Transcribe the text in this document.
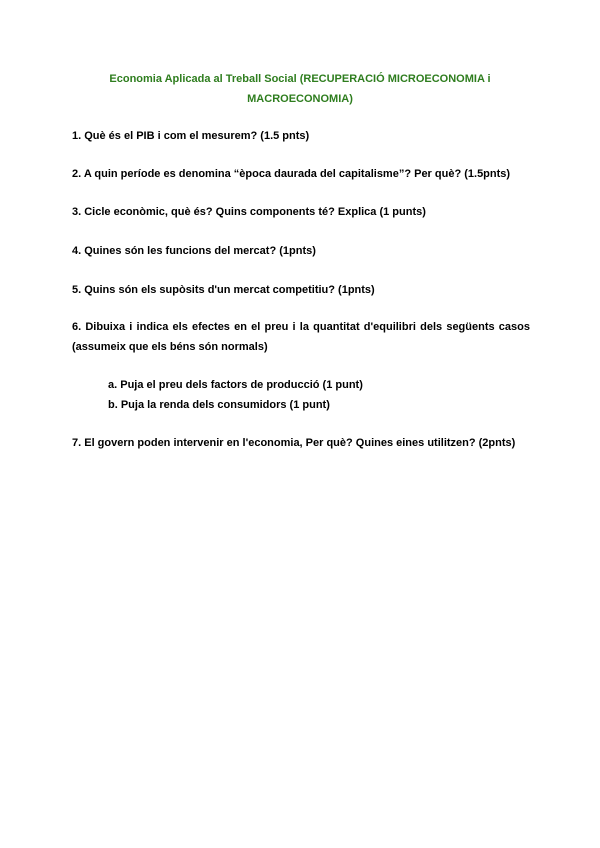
Economia Aplicada al Treball Social (RECUPERACIÓ MICROECONOMIA i MACROECONOMIA)
1. Què és el PIB i com el mesurem? (1.5 pnts)
2. A quin període es denomina “època daurada del capitalisme”? Per què? (1.5pnts)
3. Cicle econòmic, què és? Quins components té? Explica (1 punts)
4. Quines són les funcions del mercat? (1pnts)
5. Quins són els supòsits d'un mercat competitiu? (1pnts)
6. Dibuixa i indica els efectes en el preu i la quantitat d'equilibri dels següents casos (assumeix que els béns són normals)
a. Puja el preu dels factors de producció (1 punt)
b. Puja la renda dels consumidors (1 punt)
7. El govern poden intervenir en l'economia, Per què? Quines eines utilitzen? (2pnts)
